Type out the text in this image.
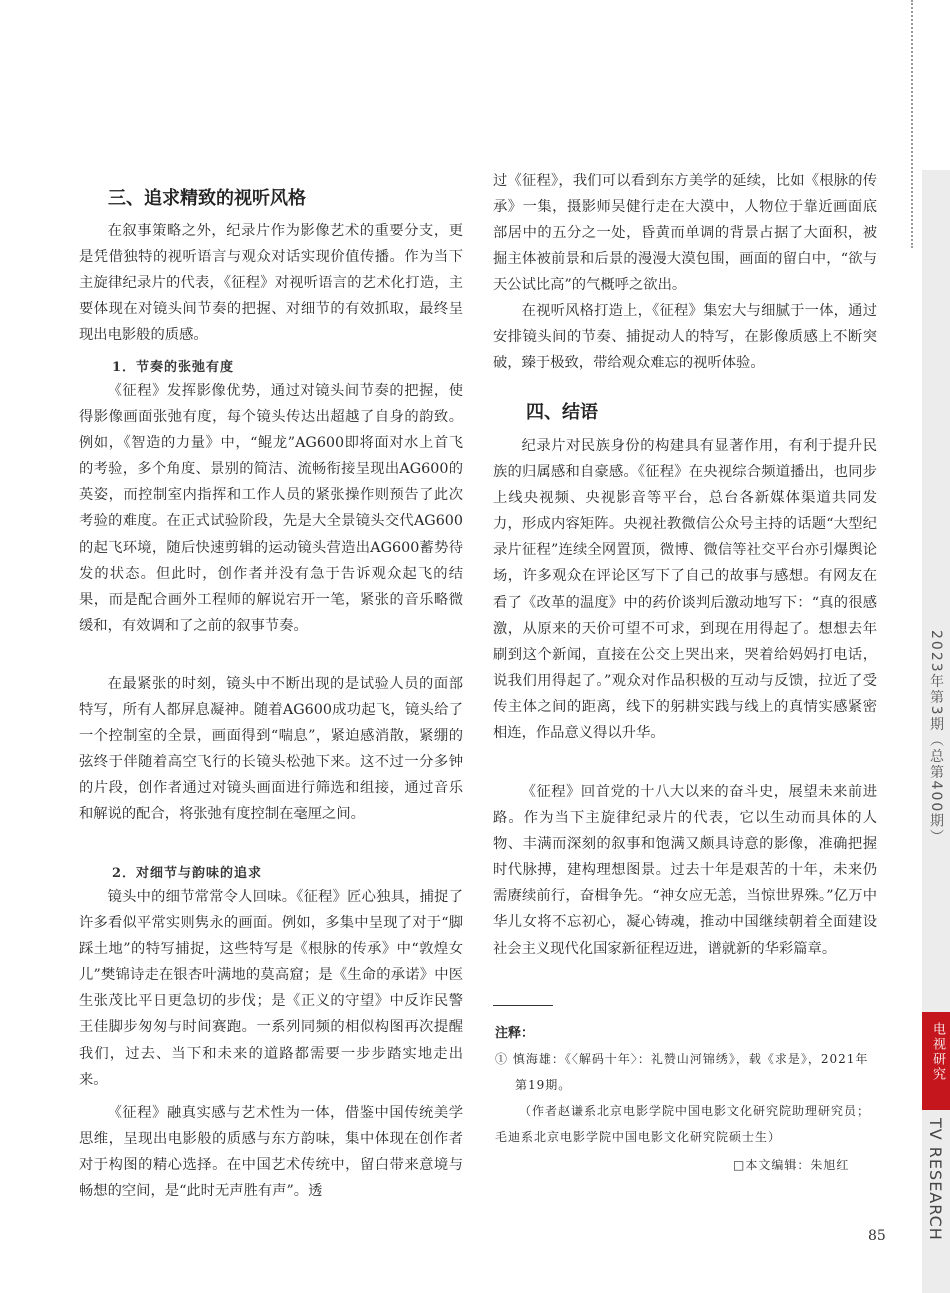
2023年第3期（总第400期）
电视研究
TV RESEARCH
三、追求精致的视听风格

在叙事策略之外，纪录片作为影像艺术的重要分支，更是凭借独特的视听语言与观众对话实现价值传播。作为当下主旋律纪录片的代表，《征程》对视听语言的艺术化打造，主要体现在对镜头间节奏的把握、对细节的有效抓取，最终呈现出电影般的质感。

1．节奏的张弛有度

《征程》发挥影像优势，通过对镜头间节奏的把握，使得影像画面张弛有度，每个镜头传达出超越了自身的韵致。例如，《智造的力量》中，“鲲龙”AG600即将面对水上首飞的考验，多个角度、景别的简洁、流畅衔接呈现出AG600的英姿，而控制室内指挥和工作人员的紧张操作则预告了此次考验的难度。在正式试验阶段，先是大全景镜头交代AG600的起飞环境，随后快速剪辑的运动镜头营造出AG600蓄势待发的状态。但此时，创作者并没有急于告诉观众起飞的结果，而是配合画外工程师的解说宕开一笔，紧张的音乐略微缓和，有效调和了之前的叙事节奏。

在最紧张的时刻，镜头中不断出现的是试验人员的面部特写，所有人都屏息凝神。随着AG600成功起飞，镜头给了一个控制室的全景，画面得到“喘息”，紧迫感消散，紧绷的弦终于伴随着高空飞行的长镜头松弛下来。这不过一分多钟的片段，创作者通过对镜头画面进行筛选和组接，通过音乐和解说的配合，将张弛有度控制在毫厘之间。

2．对细节与韵味的追求

镜头中的细节常常令人回味。《征程》匠心独具，捕捉了许多看似平常实则隽永的画面。例如，多集中呈现了对于“脚踩土地”的特写捕捉，这些特写是《根脉的传承》中“敦煌女儿”樊锦诗走在银杏叶满地的莫高窟；是《生命的承诺》中医生张茂比平日更急切的步伐；是《正义的守望》中反诈民警王佳脚步匆匆与时间赛跑。一系列同频的相似构图再次提醒我们，过去、当下和未来的道路都需要一步步踏实地走出来。

《征程》融真实感与艺术性为一体，借鉴中国传统美学思维，呈现出电影般的质感与东方韵味，集中体现在创作者对于构图的精心选择。在中国艺术传统中，留白带来意境与畅想的空间，是“此时无声胜有声”。透

过《征程》，我们可以看到东方美学的延续，比如《根脉的传承》一集，摄影师吴健行走在大漠中，人物位于靠近画面底部居中的五分之一处，昏黄而单调的背景占据了大面积，被掘主体被前景和后景的漫漫大漠包围，画面的留白中，“欲与天公试比高”的气概呼之欲出。

在视听风格打造上，《征程》集宏大与细腻于一体，通过安排镜头间的节奏、捕捉动人的特写，在影像质感上不断突破，臻于极致，带给观众难忘的视听体验。

四、结语

纪录片对民族身份的构建具有显著作用，有利于提升民族的归属感和自豪感。《征程》在央视综合频道播出，也同步上线央视频、央视影音等平台，总台各新媒体渠道共同发力，形成内容矩阵。央视社教微信公众号主持的话题“大型纪录片征程”连续全网置顶，微博、微信等社交平台亦引爆舆论场，许多观众在评论区写下了自己的故事与感想。有网友在看了《改革的温度》中的药价谈判后激动地写下：“真的很感激，从原来的天价可望不可求，到现在用得起了。想想去年刷到这个新闻，直接在公交上哭出来，哭着给妈妈打电话，说我们用得起了。”观众对作品积极的互动与反馈，拉近了受传主体之间的距离，线下的躬耕实践与线上的真情实感紧密相连，作品意义得以升华。

《征程》回首党的十八大以来的奋斗史，展望未来前进路。作为当下主旋律纪录片的代表，它以生动而具体的人物、丰满而深刻的叙事和饱满又颇具诗意的影像，准确把握时代脉搏，建构理想图景。过去十年是艰苦的十年，未来仍需赓续前行，奋楫争先。“神女应无恙，当惊世界殊。”亿万中华儿女将不忘初心，凝心铸魂，推动中国继续朝着全面建设社会主义现代化国家新征程迈进，谱就新的华彩篇章。

注释：

① 慎海雄：《〈解码十年〉：礼赞山河锦绣》，载《求是》，2021年第19期。

（作者赵谦系北京电影学院中国电影文化研究院助理研究员；毛迪系北京电影学院中国电影文化研究院硕士生）

□本文编辑：朱旭红

85
